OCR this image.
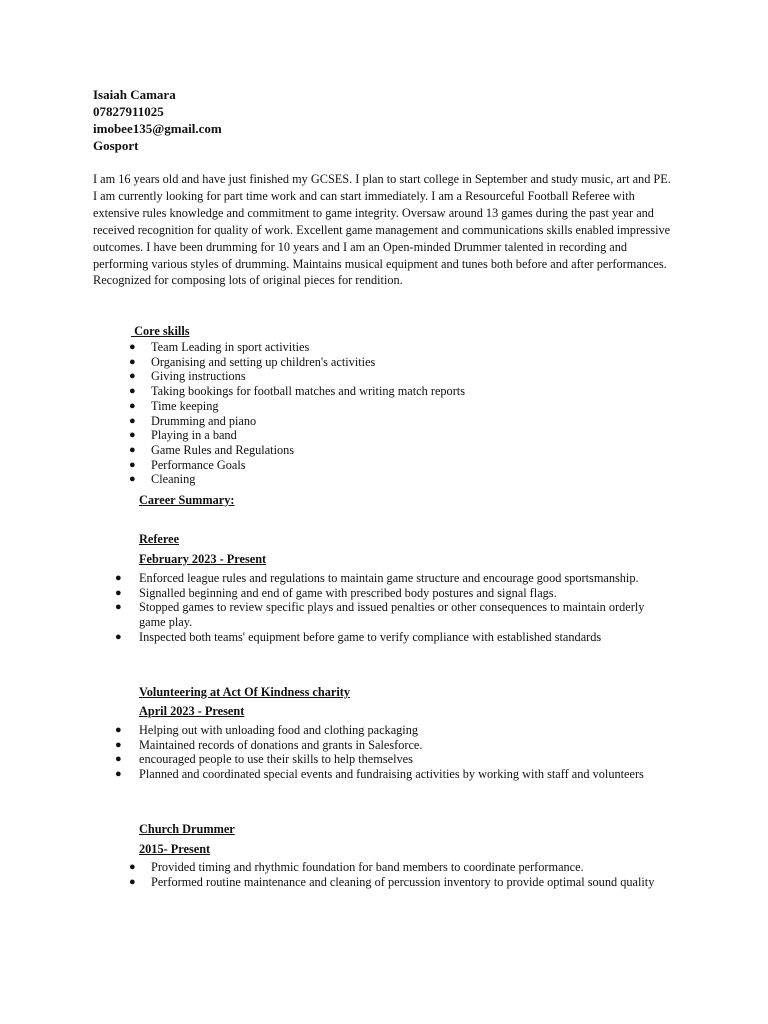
Isaiah Camara
07827911025
imobee135@gmail.com
Gosport

I am 16 years old and have just finished my GCSES. I plan to start college in September and study music, art and PE. I am currently looking for part time work and can start immediately. I am a Resourceful Football Referee with extensive rules knowledge and commitment to game integrity. Oversaw around 13 games during the past year and received recognition for quality of work. Excellent game management and communications skills enabled impressive outcomes. I have been drumming for 10 years and I am an Open-minded Drummer talented in recording and performing various styles of drumming. Maintains musical equipment and tunes both before and after performances. Recognized for composing lots of original pieces for rendition.

Core skills
● Team Leading in sport activities
● Organising and setting up children's activities
● Giving instructions
● Taking bookings for football matches and writing match reports
● Time keeping
● Drumming and piano
● Playing in a band
● Game Rules and Regulations
● Performance Goals
● Cleaning
Career Summary:
Referee
February 2023 - Present
● Enforced league rules and regulations to maintain game structure and encourage good sportsmanship.
● Signalled beginning and end of game with prescribed body postures and signal flags.
● Stopped games to review specific plays and issued penalties or other consequences to maintain orderly game play.
● Inspected both teams' equipment before game to verify compliance with established standards
Volunteering at Act Of Kindness charity
April 2023 - Present
● Helping out with unloading food and clothing packaging
● Maintained records of donations and grants in Salesforce.
● encouraged people to use their skills to help themselves
● Planned and coordinated special events and fundraising activities by working with staff and volunteers
Church Drummer
2015- Present
● Provided timing and rhythmic foundation for band members to coordinate performance.
● Performed routine maintenance and cleaning of percussion inventory to provide optimal sound quality
